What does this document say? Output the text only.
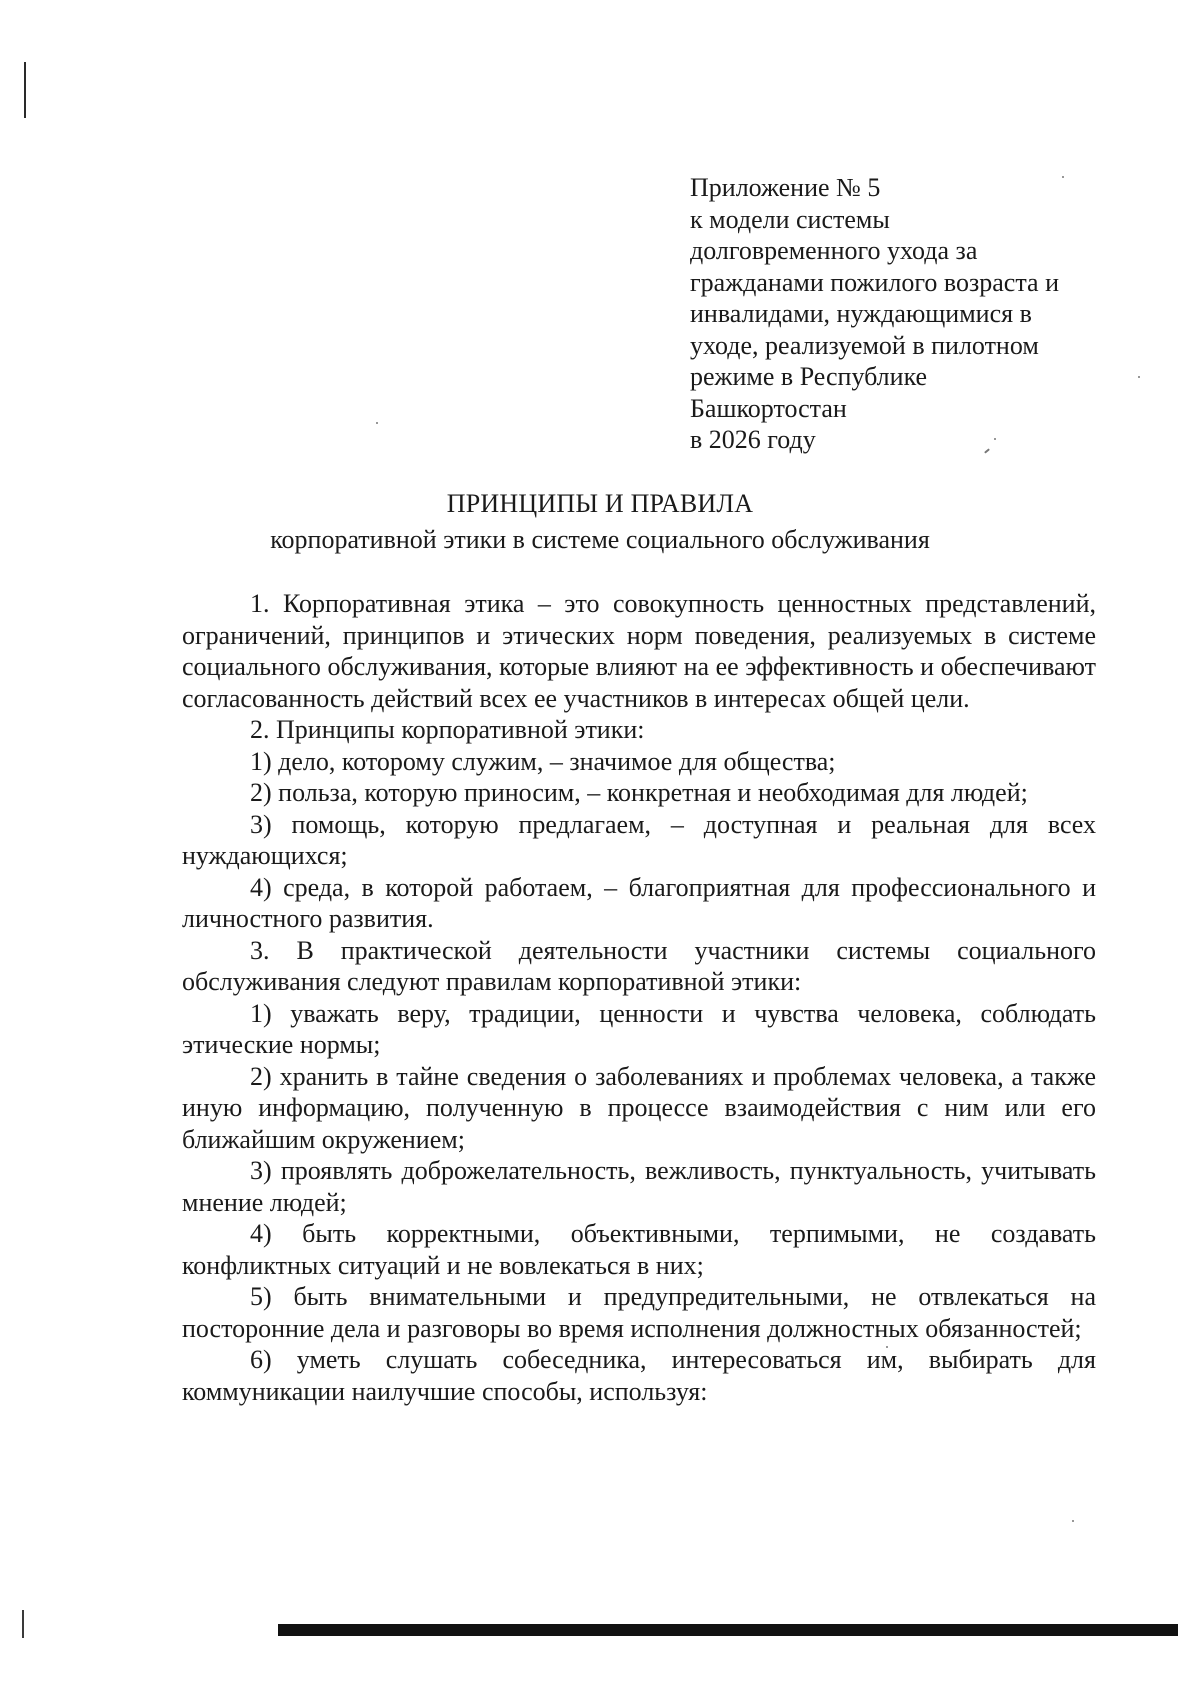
Приложение № 5
к модели системы
долговременного ухода за
гражданами пожилого возраста и
инвалидами, нуждающимися в
уходе, реализуемой в пилотном
режиме в Республике
Башкортостан
в 2026 году
ПРИНЦИПЫ И ПРАВИЛА
корпоративной этики в системе социального обслуживания

1. Корпоративная этика – это совокупность ценностных представлений, ограничений, принципов и этических норм поведения, реализуемых в системе социального обслуживания, которые влияют на ее эффективность и обеспечивают согласованность действий всех ее участников в интересах общей цели.

2. Принципы корпоративной этики:

1) дело, которому служим, – значимое для общества;

2) польза, которую приносим, – конкретная и необходимая для людей;

3) помощь, которую предлагаем, – доступная и реальная для всех нуждающихся;

4) среда, в которой работаем, – благоприятная для профессионального и личностного развития.

3. В практической деятельности участники системы социального обслуживания следуют правилам корпоративной этики:

1) уважать веру, традиции, ценности и чувства человека, соблюдать этические нормы;

2) хранить в тайне сведения о заболеваниях и проблемах человека, а также иную информацию, полученную в процессе взаимодействия с ним или его ближайшим окружением;

3) проявлять доброжелательность, вежливость, пунктуальность, учитывать мнение людей;

4) быть корректными, объективными, терпимыми, не создавать конфликтных ситуаций и не вовлекаться в них;

5) быть внимательными и предупредительными, не отвлекаться на посторонние дела и разговоры во время исполнения должностных обязанностей;

6) уметь слушать собеседника, интересоваться им, выбирать для коммуникации наилучшие способы, используя:
